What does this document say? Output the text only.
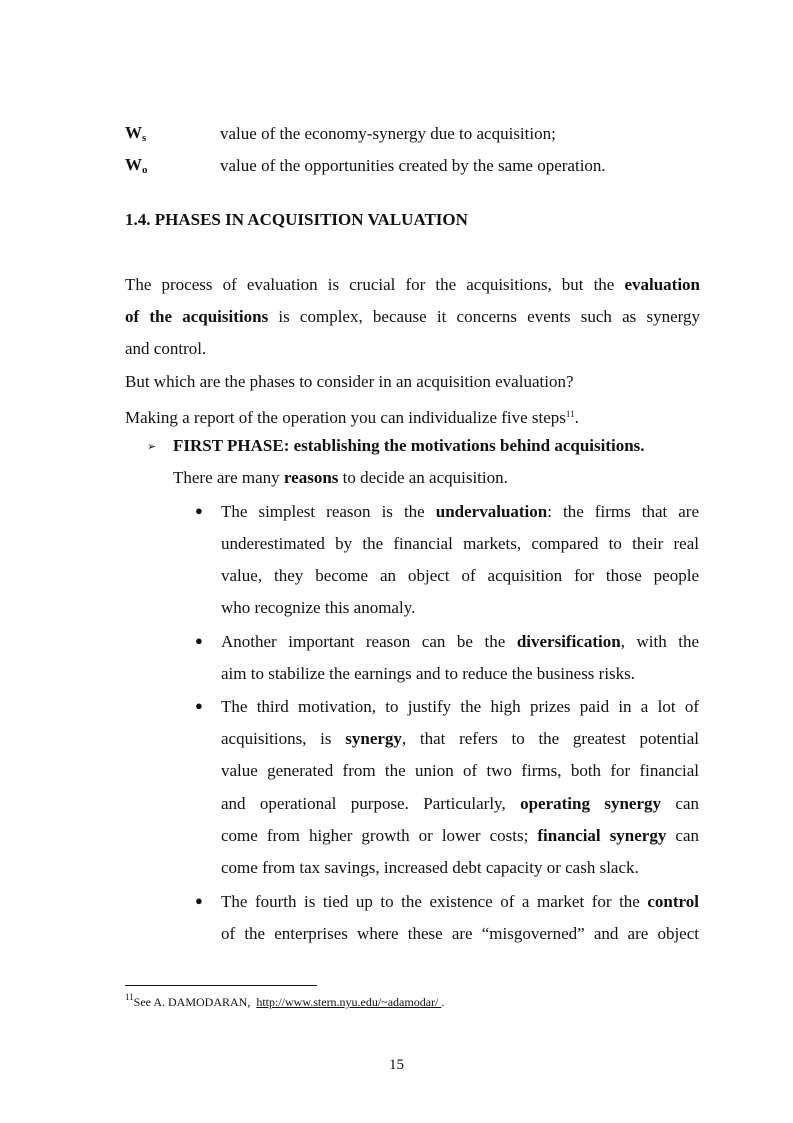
$W_s$	value of the economy-synergy due to acquisition;
$W_o$	value of the opportunities created by the same operation.
1.4. PHASES IN ACQUISITION VALUATION
The process of evaluation is crucial for the acquisitions, but the evaluation
of the acquisitions is complex, because it concerns events such as synergy
and control.
But which are the phases to consider in an acquisition evaluation?
Making a report of the operation you can individualize five steps$^{11}$.
➢ FIRST PHASE: establishing the motivations behind acquisitions.
There are many reasons to decide an acquisition.
● The simplest reason is the undervaluation: the firms that are
underestimated by the financial markets, compared to their real
value, they become an object of acquisition for those people
who recognize this anomaly.
● Another important reason can be the diversification, with the
aim to stabilize the earnings and to reduce the business risks.
● The third motivation, to justify the high prizes paid in a lot of
acquisitions, is synergy, that refers to the greatest potential
value generated from the union of two firms, both for financial
and operational purpose. Particularly, operating synergy can
come from higher growth or lower costs; financial synergy can
come from tax savings, increased debt capacity or cash slack.
● The fourth is tied up to the existence of a market for the control
of the enterprises where these are “misgoverned” and are object
$^{11}$See A. DAMODARAN, http://www.stern.nyu.edu/~adamodar/ .
15
